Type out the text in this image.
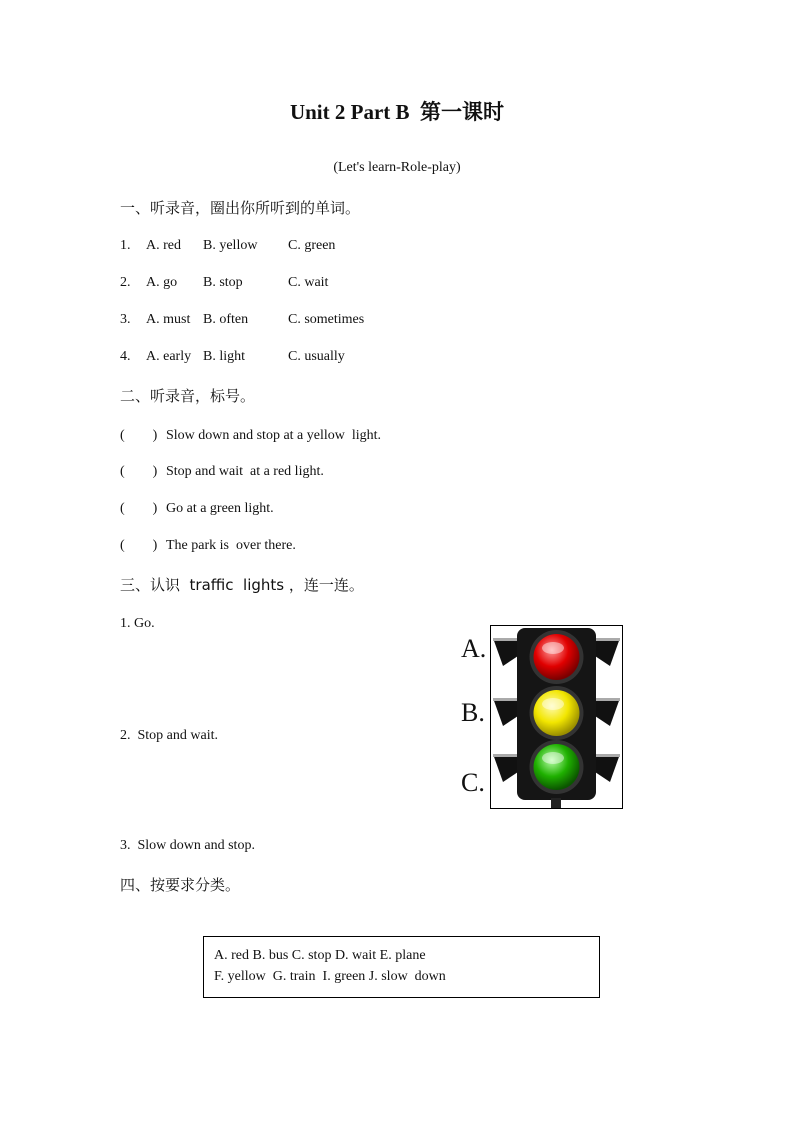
Unit 2 Part B  第一课时
(Let's learn-Role-play)
一、听录音，圈出你所听到的单词。
1. A. red B. yellow C. green
2. A. go B. stop	C. wait
3. A. must B. often	C. sometimes
4. A. early B. light	C. usually
二、听录音，标号。
(        ) Slow down and stop at a yellow  light.
(        ) Stop and wait  at a red light.
(        ) Go at a green light.
(        ) The park is  over there.
三、认识  traffic  lights ，连一连。
1. Go.
2.  Stop and wait.
3.  Slow down and stop.
A.
B.
C.
四、按要求分类。
A. red B. bus C. stop D. wait E. plane
F. yellow  G. train  I. green J. slow  down
